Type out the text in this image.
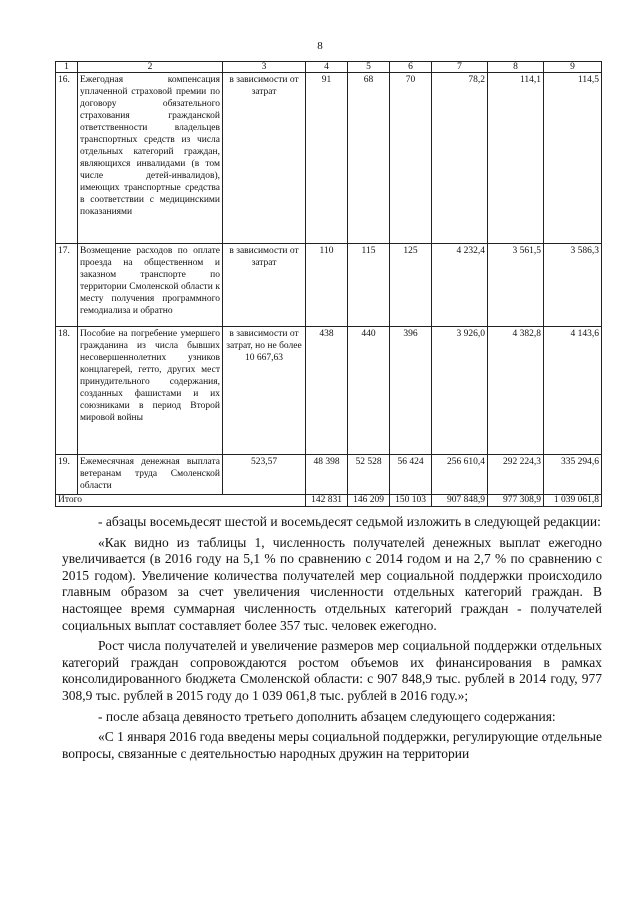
8
1	2	3	4	5	6	7	8	9
16.	Ежегодная компенсация уплаченной страховой премии по договору обязательного страхования гражданской ответственности владельцев транспортных средств из числа отдельных категорий граждан, являющихся инвалидами (в том числе детей-инвалидов), имеющих транспортные средства в соответствии с медицинскими показаниями	в зависимости от затрат	91	68	70	78,2	114,1	114,5
17.	Возмещение расходов по оплате проезда на общественном и заказном транспорте по территории Смоленской области к месту получения программного гемодиализа и обратно	в зависимости от затрат	110	115	125	4 232,4	3 561,5	3 586,3
18.	Пособие на погребение умершего гражданина из числа бывших несовершеннолетних узников концлагерей, гетто, других мест принудительного содержания, созданных фашистами и их союзниками в период Второй мировой войны	в зависимости от затрат, но не более 10 667,63	438	440	396	3 926,0	4 382,8	4 143,6
19.	Ежемесячная денежная выплата ветеранам труда Смоленской области	523,57	48 398	52 528	56 424	256 610,4	292 224,3	335 294,6
Итого			142 831	146 209	150 103	907 848,9	977 308,9	1 039 061,8

- абзацы восемьдесят шестой и восемьдесят седьмой изложить в следующей редакции:

«Как видно из таблицы 1, численность получателей денежных выплат ежегодно увеличивается (в 2016 году на 5,1 % по сравнению с 2014 годом и на 2,7 % по сравнению с 2015 годом). Увеличение количества получателей мер социальной поддержки происходило главным образом за счет увеличения численности отдельных категорий граждан. В настоящее время суммарная численность отдельных категорий граждан - получателей социальных выплат составляет более 357 тыс. человек ежегодно.

Рост числа получателей и увеличение размеров мер социальной поддержки отдельных категорий граждан сопровождаются ростом объемов их финансирования в рамках консолидированного бюджета Смоленской области: с 907 848,9 тыс. рублей в 2014 году, 977 308,9 тыс. рублей в 2015 году до 1 039 061,8 тыс. рублей в 2016 году.»;

- после абзаца девяносто третьего дополнить абзацем следующего содержания:

«С 1 января 2016 года введены меры социальной поддержки, регулирующие отдельные вопросы, связанные с деятельностью народных дружин на территории
